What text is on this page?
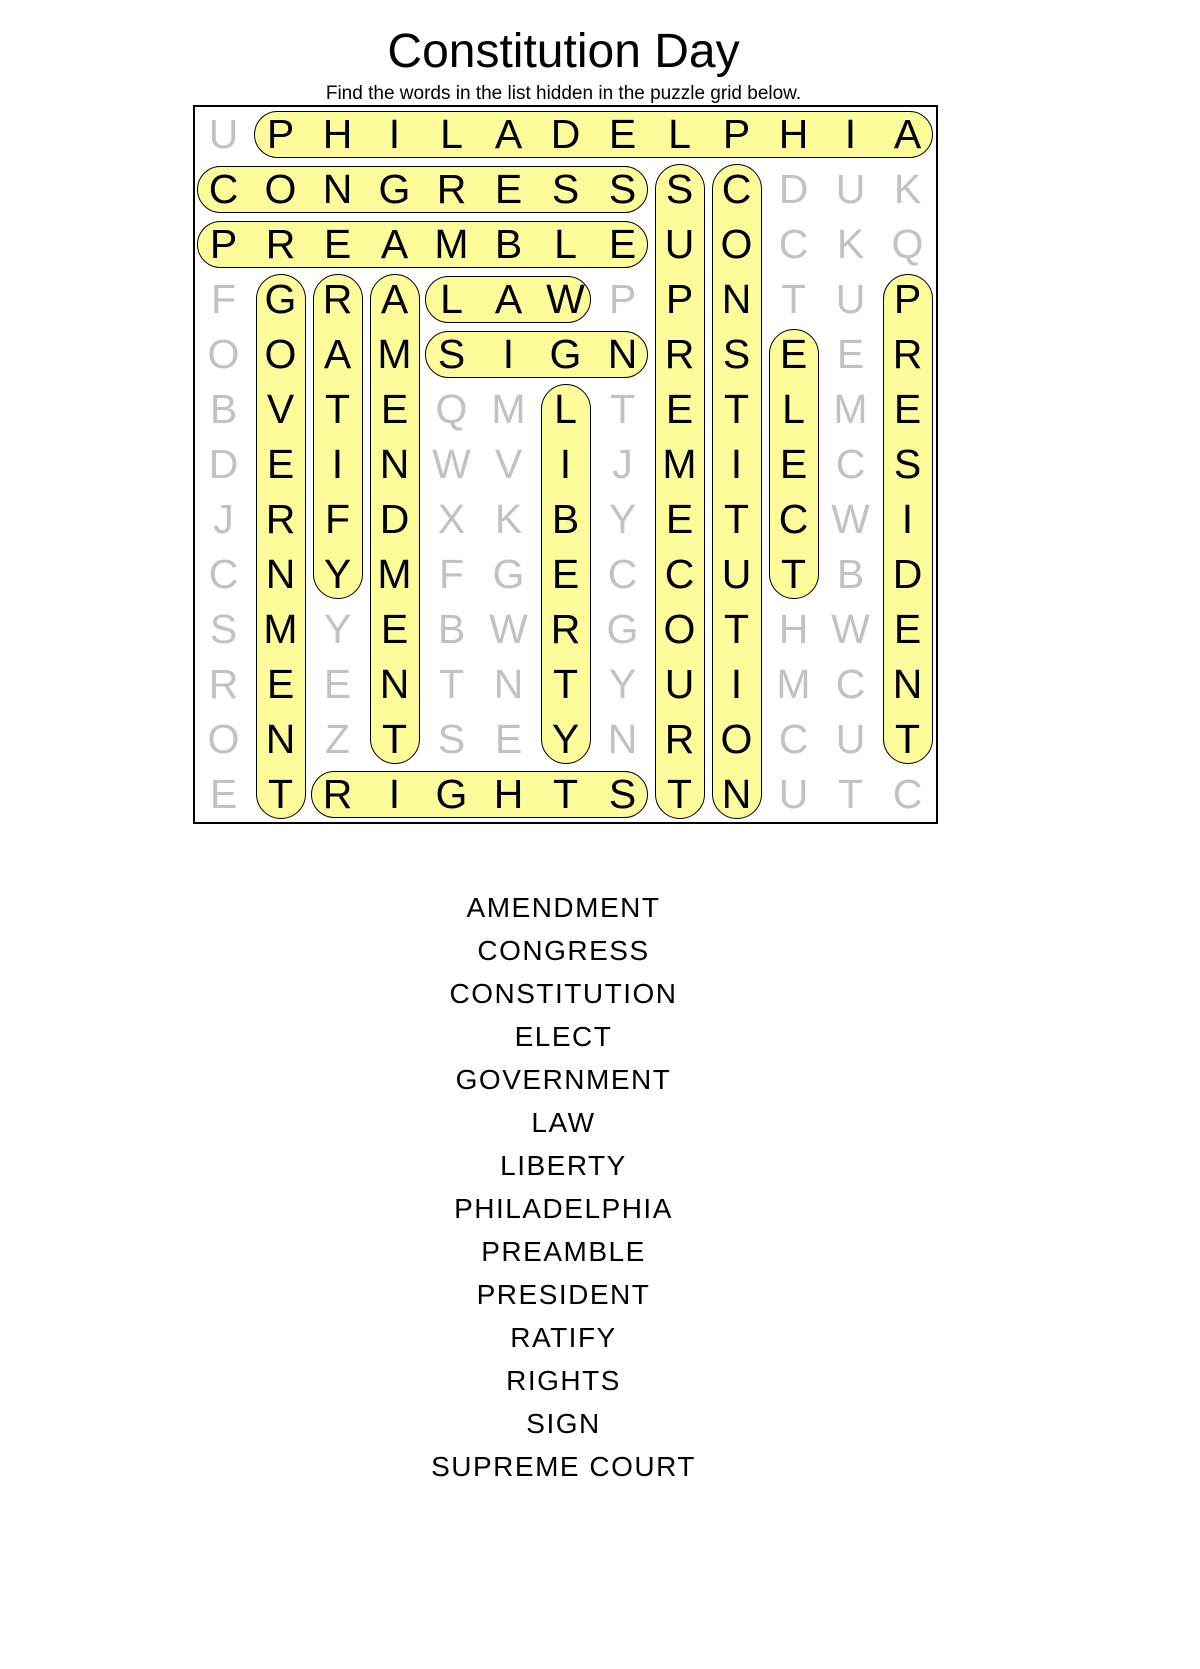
Constitution Day
Find the words in the list hidden in the puzzle grid below.
U P H I L A D E L P H I A
C O N G R E S S S C D U K
P R E A M B L E U O C K Q
F G R A L A W P P N T U P
O O A M S I G N R S E E R
B V T E Q M L T E T L M E
D E I N W V I	J M I E C S
J R F D X K B Y E T C W I
C N Y M F G E C C U T B D
S M Y E B W R G O T H W E
R E E N T N T Y U I M C N
O N Z T S E Y N R O C U T
E T R I G H T S T N U T C
AMENDMENT
CONGRESS
CONSTITUTION
ELECT
GOVERNMENT
LAW
LIBERTY
PHILADELPHIA
PREAMBLE
PRESIDENT
RATIFY
RIGHTS
SIGN
SUPREME COURT
